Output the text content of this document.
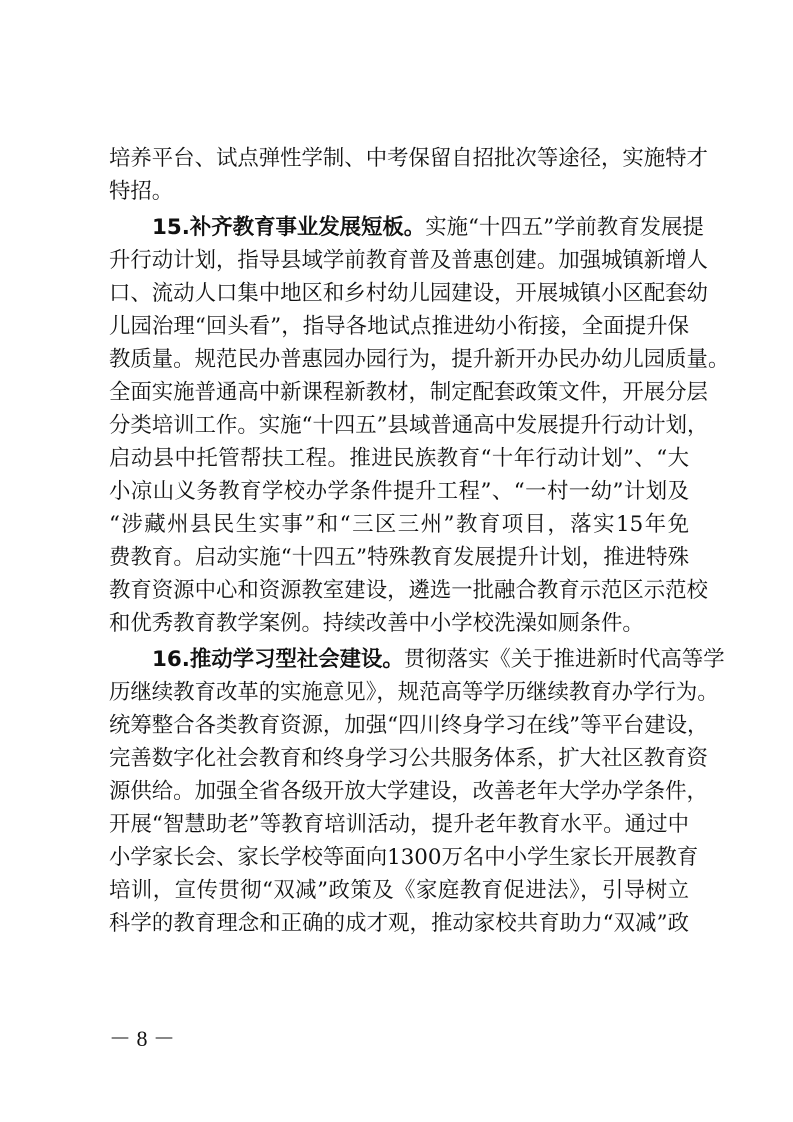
培养平台、试点弹性学制、中考保留自招批次等途径，实施特才
特招。
15.补齐教育事业发展短板。实施“十四五”学前教育发展提
升行动计划，指导县域学前教育普及普惠创建。加强城镇新增人
口、流动人口集中地区和乡村幼儿园建设，开展城镇小区配套幼
儿园治理“回头看”，指导各地试点推进幼小衔接，全面提升保
教质量。规范民办普惠园办园行为，提升新开办民办幼儿园质量。
全面实施普通高中新课程新教材，制定配套政策文件，开展分层
分类培训工作。实施“十四五”县域普通高中发展提升行动计划，
启动县中托管帮扶工程。推进民族教育“十年行动计划”、“大
小凉山义务教育学校办学条件提升工程”、“一村一幼”计划及
“涉藏州县民生实事”和“三区三州”教育项目，落实15年免
费教育。启动实施“十四五”特殊教育发展提升计划，推进特殊
教育资源中心和资源教室建设，遴选一批融合教育示范区示范校
和优秀教育教学案例。持续改善中小学校洗澡如厕条件。
16.推动学习型社会建设。贯彻落实《关于推进新时代高等学
历继续教育改革的实施意见》，规范高等学历继续教育办学行为。
统筹整合各类教育资源，加强“四川终身学习在线”等平台建设，
完善数字化社会教育和终身学习公共服务体系，扩大社区教育资
源供给。加强全省各级开放大学建设，改善老年大学办学条件，
开展“智慧助老”等教育培训活动，提升老年教育水平。通过中
小学家长会、家长学校等面向1300万名中小学生家长开展教育
培训，宣传贯彻“双减”政策及《家庭教育促进法》，引导树立
科学的教育理念和正确的成才观，推动家校共育助力“双减”政
－ 8 －
